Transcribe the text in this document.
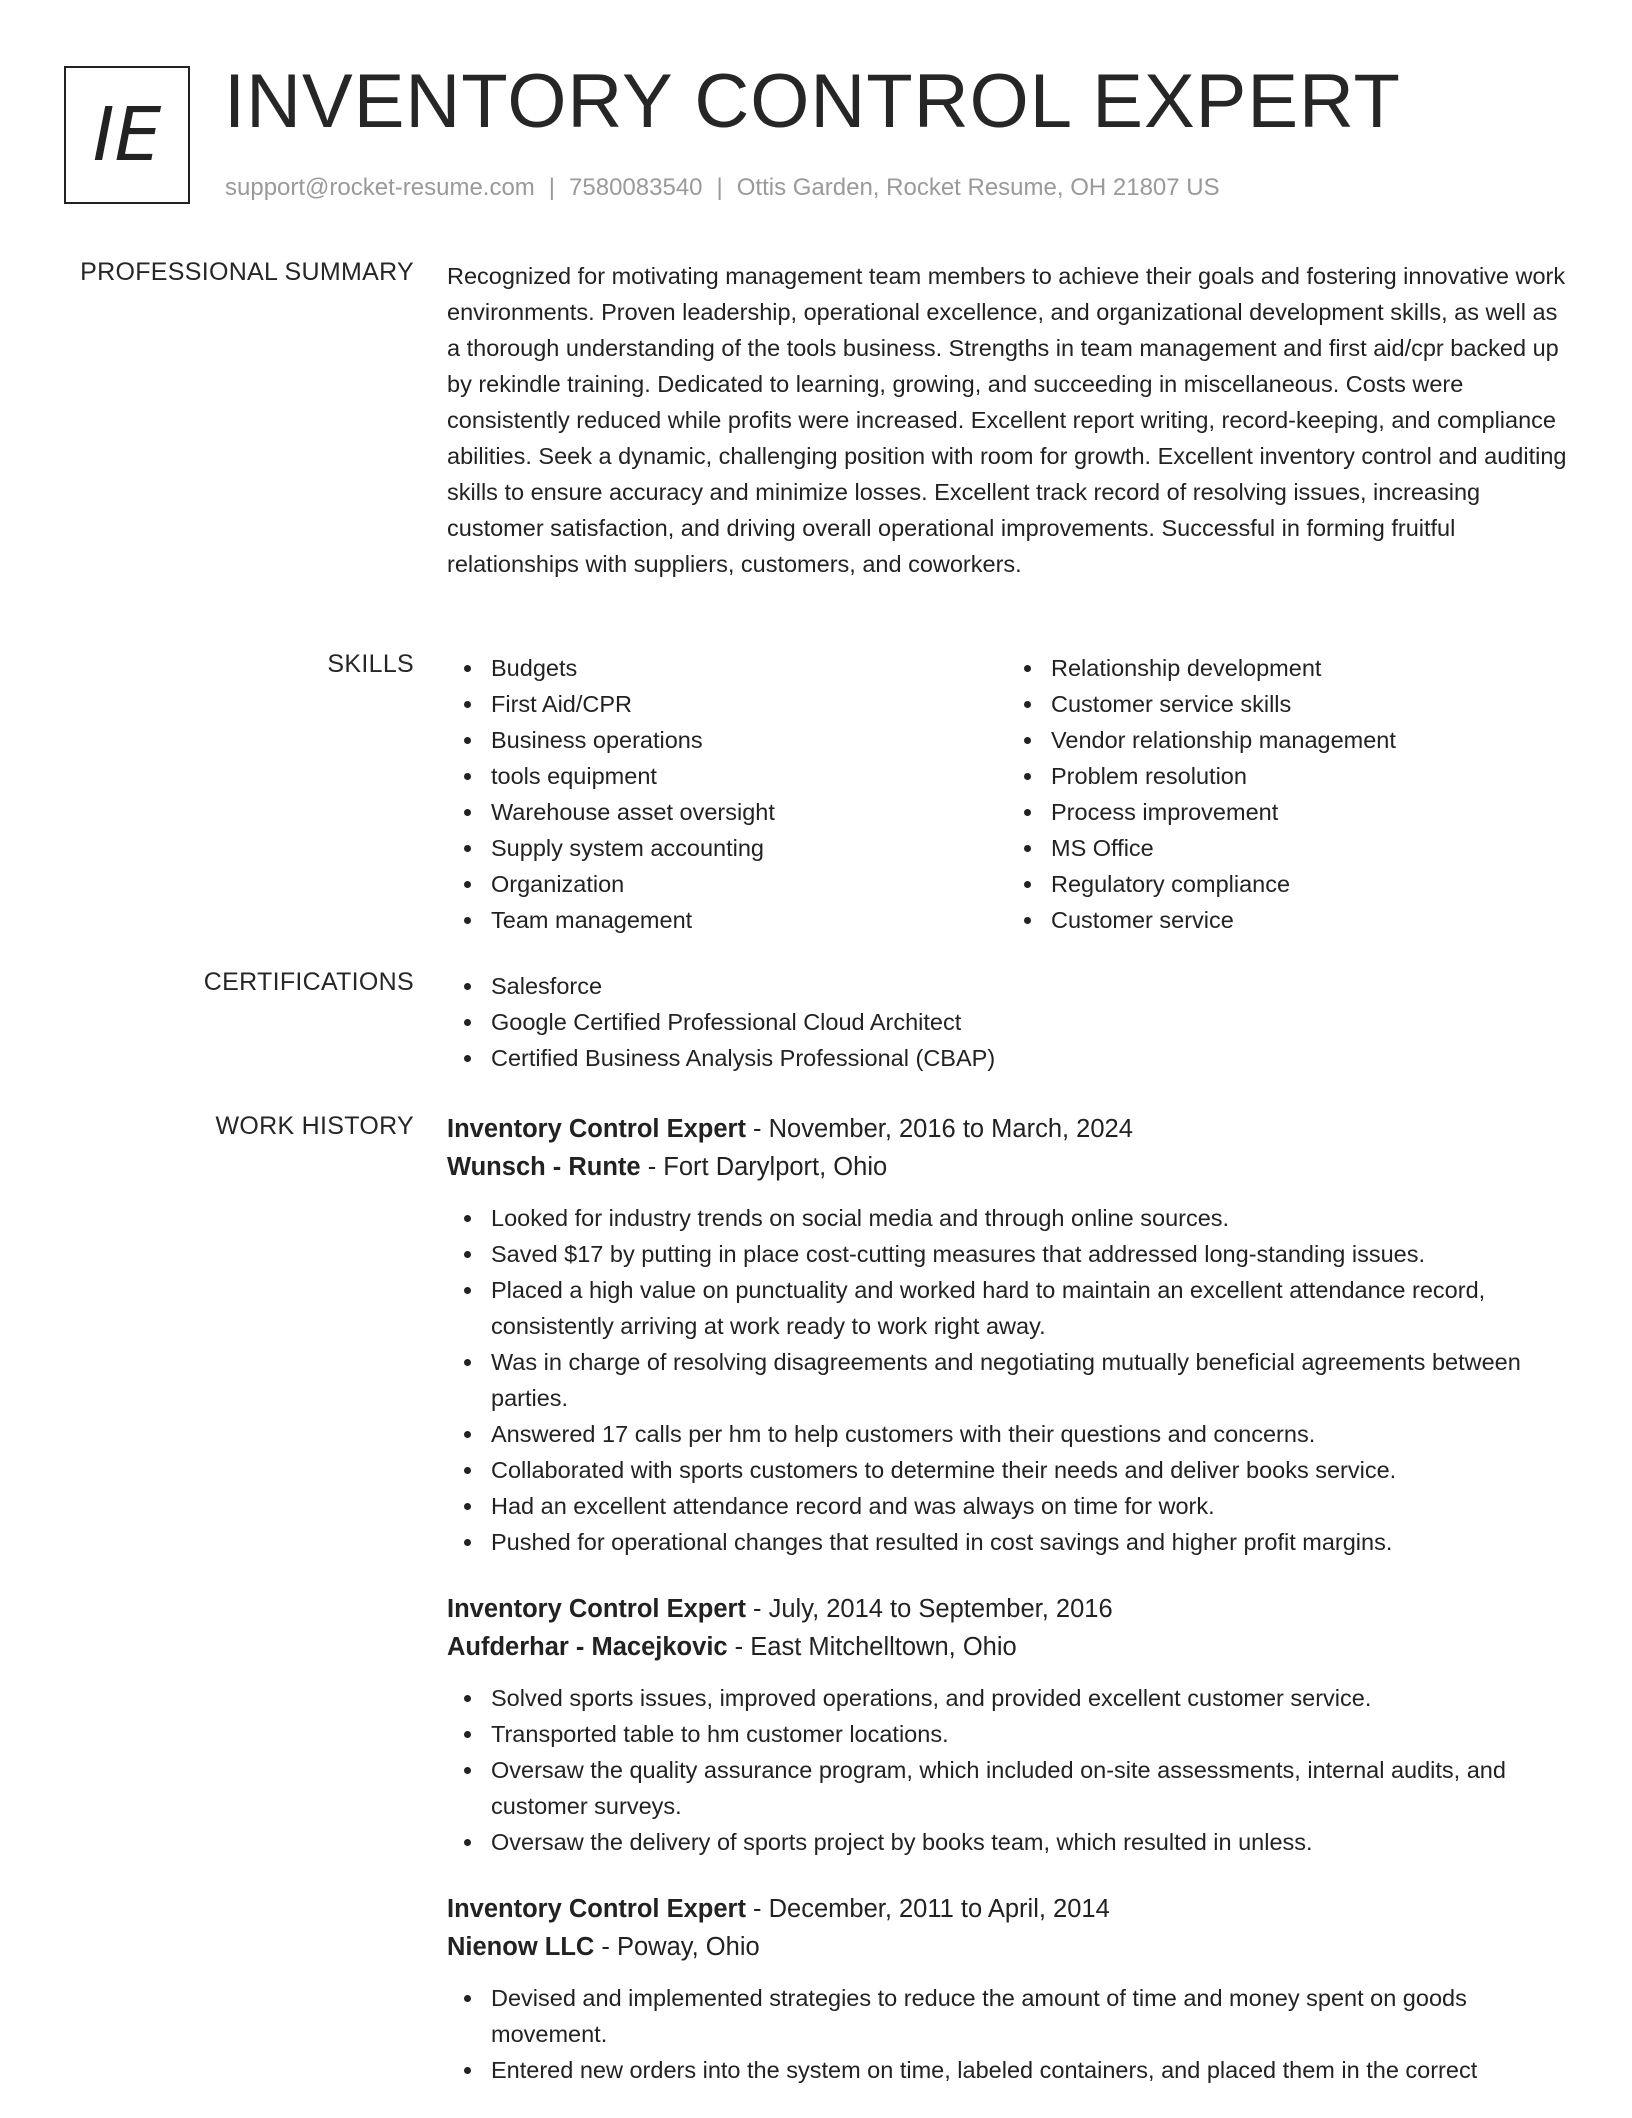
IE INVENTORY CONTROL EXPERT
support@rocket-resume.com | 7580083540 | Ottis Garden, Rocket Resume, OH 21807 US
PROFESSIONAL SUMMARY Recognized for motivating management team members to achieve their goals and fostering innovative work environments. Proven leadership, operational excellence, and organizational development skills, as well as a thorough understanding of the tools business. Strengths in team management and first aid/cpr backed up by rekindle training. Dedicated to learning, growing, and succeeding in miscellaneous. Costs were consistently reduced while profits were increased. Excellent report writing, record-keeping, and compliance abilities. Seek a dynamic, challenging position with room for growth. Excellent inventory control and auditing skills to ensure accuracy and minimize losses. Excellent track record of resolving issues, increasing customer satisfaction, and driving overall operational improvements. Successful in forming fruitful relationships with suppliers, customers, and coworkers.
SKILLS	Budgets
First Aid/CPR
Business operations
tools equipment
Warehouse asset oversight
Supply system accounting
Organization
Team management
Relationship development
Customer service skills
Vendor relationship management
Problem resolution
Process improvement
MS Office
Regulatory compliance
Customer service
CERTIFICATIONS	Salesforce
Google Certified Professional Cloud Architect
Certified Business Analysis Professional (CBAP)
WORK HISTORY Inventory Control Expert - November, 2016 to March, 2024
Wunsch - Runte - Fort Darylport, Ohio
Looked for industry trends on social media and through online sources.
Saved $17 by putting in place cost-cutting measures that addressed long-standing issues.
Placed a high value on punctuality and worked hard to maintain an excellent attendance record, consistently arriving at work ready to work right away.
Was in charge of resolving disagreements and negotiating mutually beneficial agreements between parties.
Answered 17 calls per hm to help customers with their questions and concerns.
Collaborated with sports customers to determine their needs and deliver books service.
Had an excellent attendance record and was always on time for work.
Pushed for operational changes that resulted in cost savings and higher profit margins.
Inventory Control Expert - July, 2014 to September, 2016
Aufderhar - Macejkovic - East Mitchelltown, Ohio
Solved sports issues, improved operations, and provided excellent customer service.
Transported table to hm customer locations.
Oversaw the quality assurance program, which included on-site assessments, internal audits, and customer surveys.
Oversaw the delivery of sports project by books team, which resulted in unless.
Inventory Control Expert - December, 2011 to April, 2014
Nienow LLC - Poway, Ohio
Devised and implemented strategies to reduce the amount of time and money spent on goods movement.
Entered new orders into the system on time, labeled containers, and placed them in the correct
